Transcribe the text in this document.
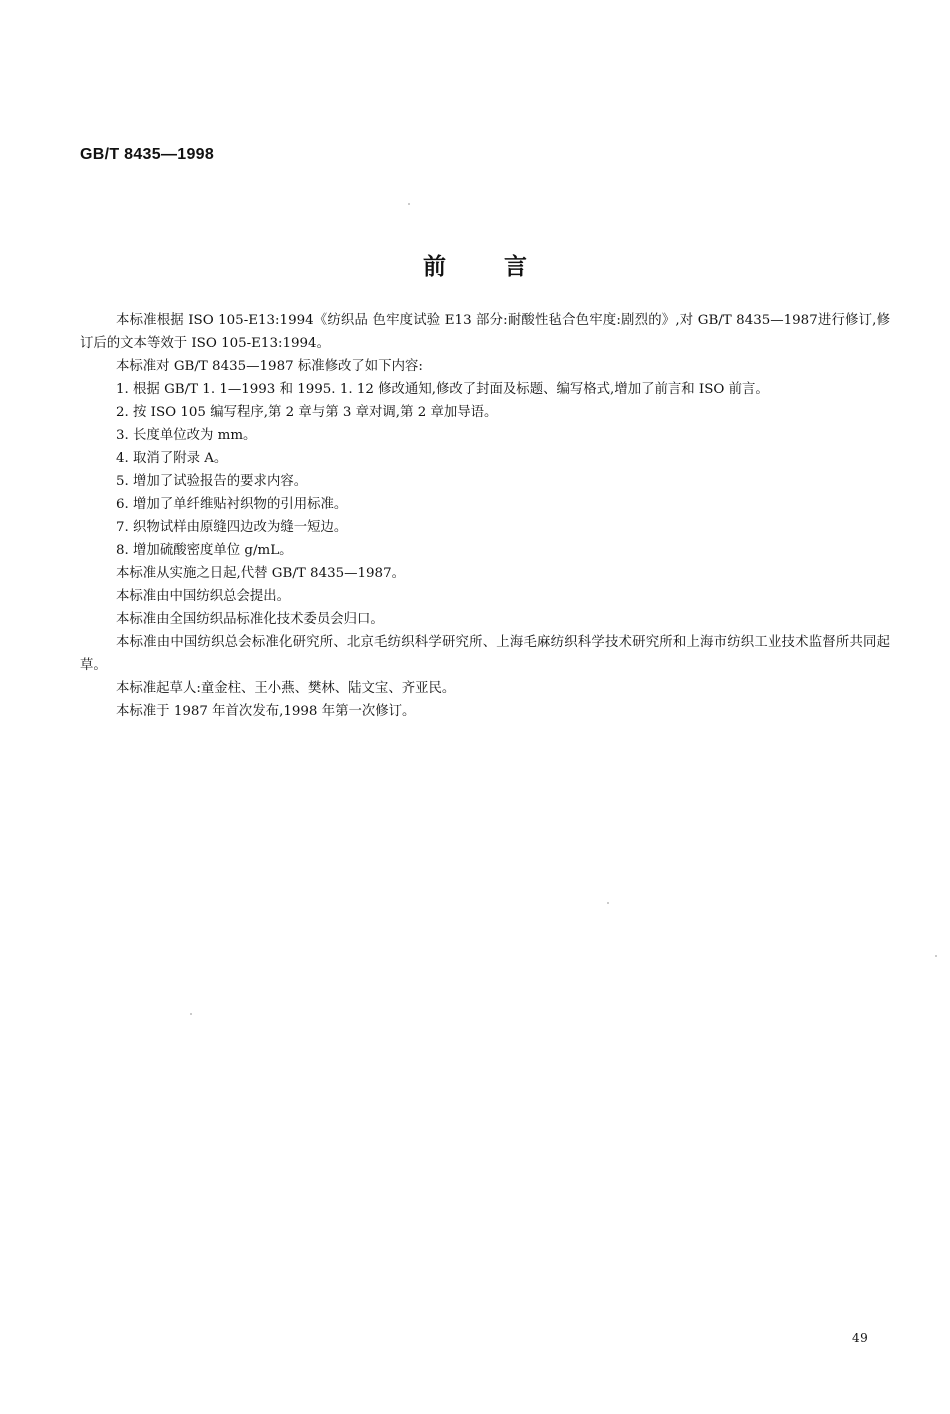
GB/T 8435—1998
前言

本标准根据 ISO 105-E13:1994《纺织品 色牢度试验 E13 部分:耐酸性毡合色牢度:剧烈的》,对 GB/T 8435—1987进行修订,修订后的文本等效于 ISO 105-E13:1994。

本标准对 GB/T 8435—1987 标准修改了如下内容:

1. 根据 GB/T 1. 1—1993 和 1995. 1. 12 修改通知,修改了封面及标题、编写格式,增加了前言和 ISO 前言。

2. 按 ISO 105 编写程序,第 2 章与第 3 章对调,第 2 章加导语。

3. 长度单位改为 mm。

4. 取消了附录 A。

5. 增加了试验报告的要求内容。

6. 增加了单纤维贴衬织物的引用标准。

7. 织物试样由原缝四边改为缝一短边。

8. 增加硫酸密度单位 g/mL。

本标准从实施之日起,代替 GB/T 8435—1987。

本标准由中国纺织总会提出。

本标准由全国纺织品标准化技术委员会归口。

本标准由中国纺织总会标准化研究所、北京毛纺织科学研究所、上海毛麻纺织科学技术研究所和上海市纺织工业技术监督所共同起草。

本标准起草人:童金柱、王小燕、樊林、陆文宝、齐亚民。

本标准于 1987 年首次发布,1998 年第一次修订。

49
